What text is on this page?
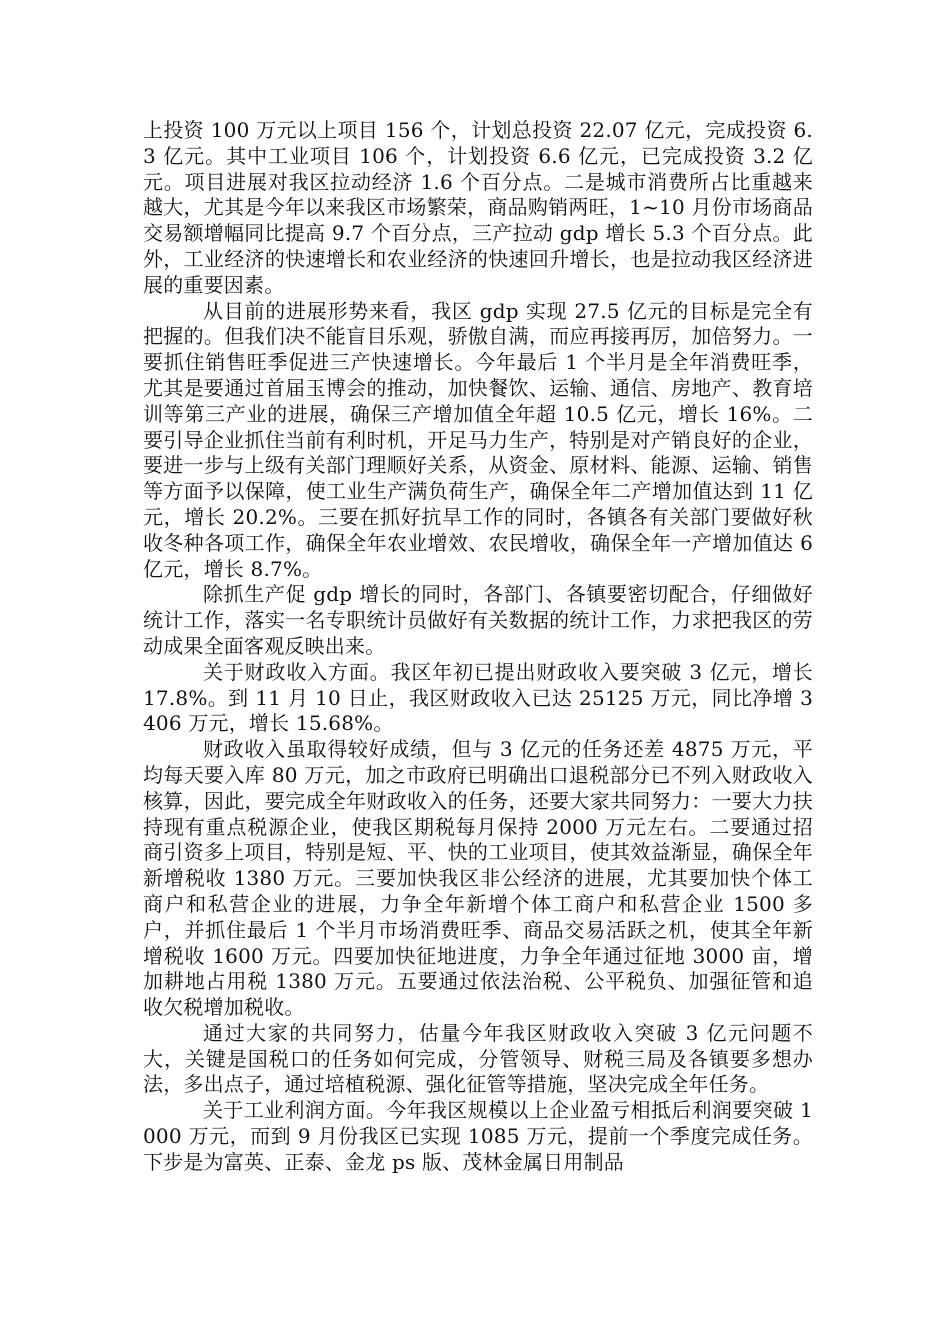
上投资 100 万元以上项目 156 个，计划总投资 22.07 亿元，完成投资 6.3 亿元。其中工业项目 106 个，计划投资 6.6 亿元，已完成投资 3.2 亿元。项目进展对我区拉动经济 1.6 个百分点。二是城市消费所占比重越来越大，尤其是今年以来我区市场繁荣，商品购销两旺，1~10 月份市场商品交易额增幅同比提高 9.7 个百分点，三产拉动 gdp 增长 5.3 个百分点。此外，工业经济的快速增长和农业经济的快速回升增长，也是拉动我区经济进展的重要因素。

从目前的进展形势来看，我区 gdp 实现 27.5 亿元的目标是完全有把握的。但我们决不能盲目乐观，骄傲自满，而应再接再厉，加倍努力。一要抓住销售旺季促进三产快速增长。今年最后 1 个半月是全年消费旺季，尤其是要通过首届玉博会的推动，加快餐饮、运输、通信、房地产、教育培训等第三产业的进展，确保三产增加值全年超 10.5 亿元，增长 16%。二要引导企业抓住当前有利时机，开足马力生产，特别是对产销良好的企业，要进一步与上级有关部门理顺好关系，从资金、原材料、能源、运输、销售等方面予以保障，使工业生产满负荷生产，确保全年二产增加值达到 11 亿元，增长 20.2%。三要在抓好抗旱工作的同时，各镇各有关部门要做好秋收冬种各项工作，确保全年农业增效、农民增收，确保全年一产增加值达 6 亿元，增长 8.7%。

除抓生产促 gdp 增长的同时，各部门、各镇要密切配合，仔细做好统计工作，落实一名专职统计员做好有关数据的统计工作，力求把我区的劳动成果全面客观反映出来。

关于财政收入方面。我区年初已提出财政收入要突破 3 亿元，增长 17.8%。到 11 月 10 日止，我区财政收入已达 25125 万元，同比净增 3406 万元，增长 15.68%。

财政收入虽取得较好成绩，但与 3 亿元的任务还差 4875 万元，平均每天要入库 80 万元，加之市政府已明确出口退税部分已不列入财政收入核算，因此，要完成全年财政收入的任务，还要大家共同努力：一要大力扶持现有重点税源企业，使我区期税每月保持 2000 万元左右。二要通过招商引资多上项目，特别是短、平、快的工业项目，使其效益渐显，确保全年新增税收 1380 万元。三要加快我区非公经济的进展，尤其要加快个体工商户和私营企业的进展，力争全年新增个体工商户和私营企业 1500 多户，并抓住最后 1 个半月市场消费旺季、商品交易活跃之机，使其全年新增税收 1600 万元。四要加快征地进度，力争全年通过征地 3000 亩，增加耕地占用税 1380 万元。五要通过依法治税、公平税负、加强征管和追收欠税增加税收。

通过大家的共同努力，估量今年我区财政收入突破 3 亿元问题不大，关键是国税口的任务如何完成，分管领导、财税三局及各镇要多想办法，多出点子，通过培植税源、强化征管等措施，坚决完成全年任务。

关于工业利润方面。今年我区规模以上企业盈亏相抵后利润要突破 1000 万元，而到 9 月份我区已实现 1085 万元，提前一个季度完成任务。下步是为富英、正泰、金龙 ps 版、茂林金属日用制品
